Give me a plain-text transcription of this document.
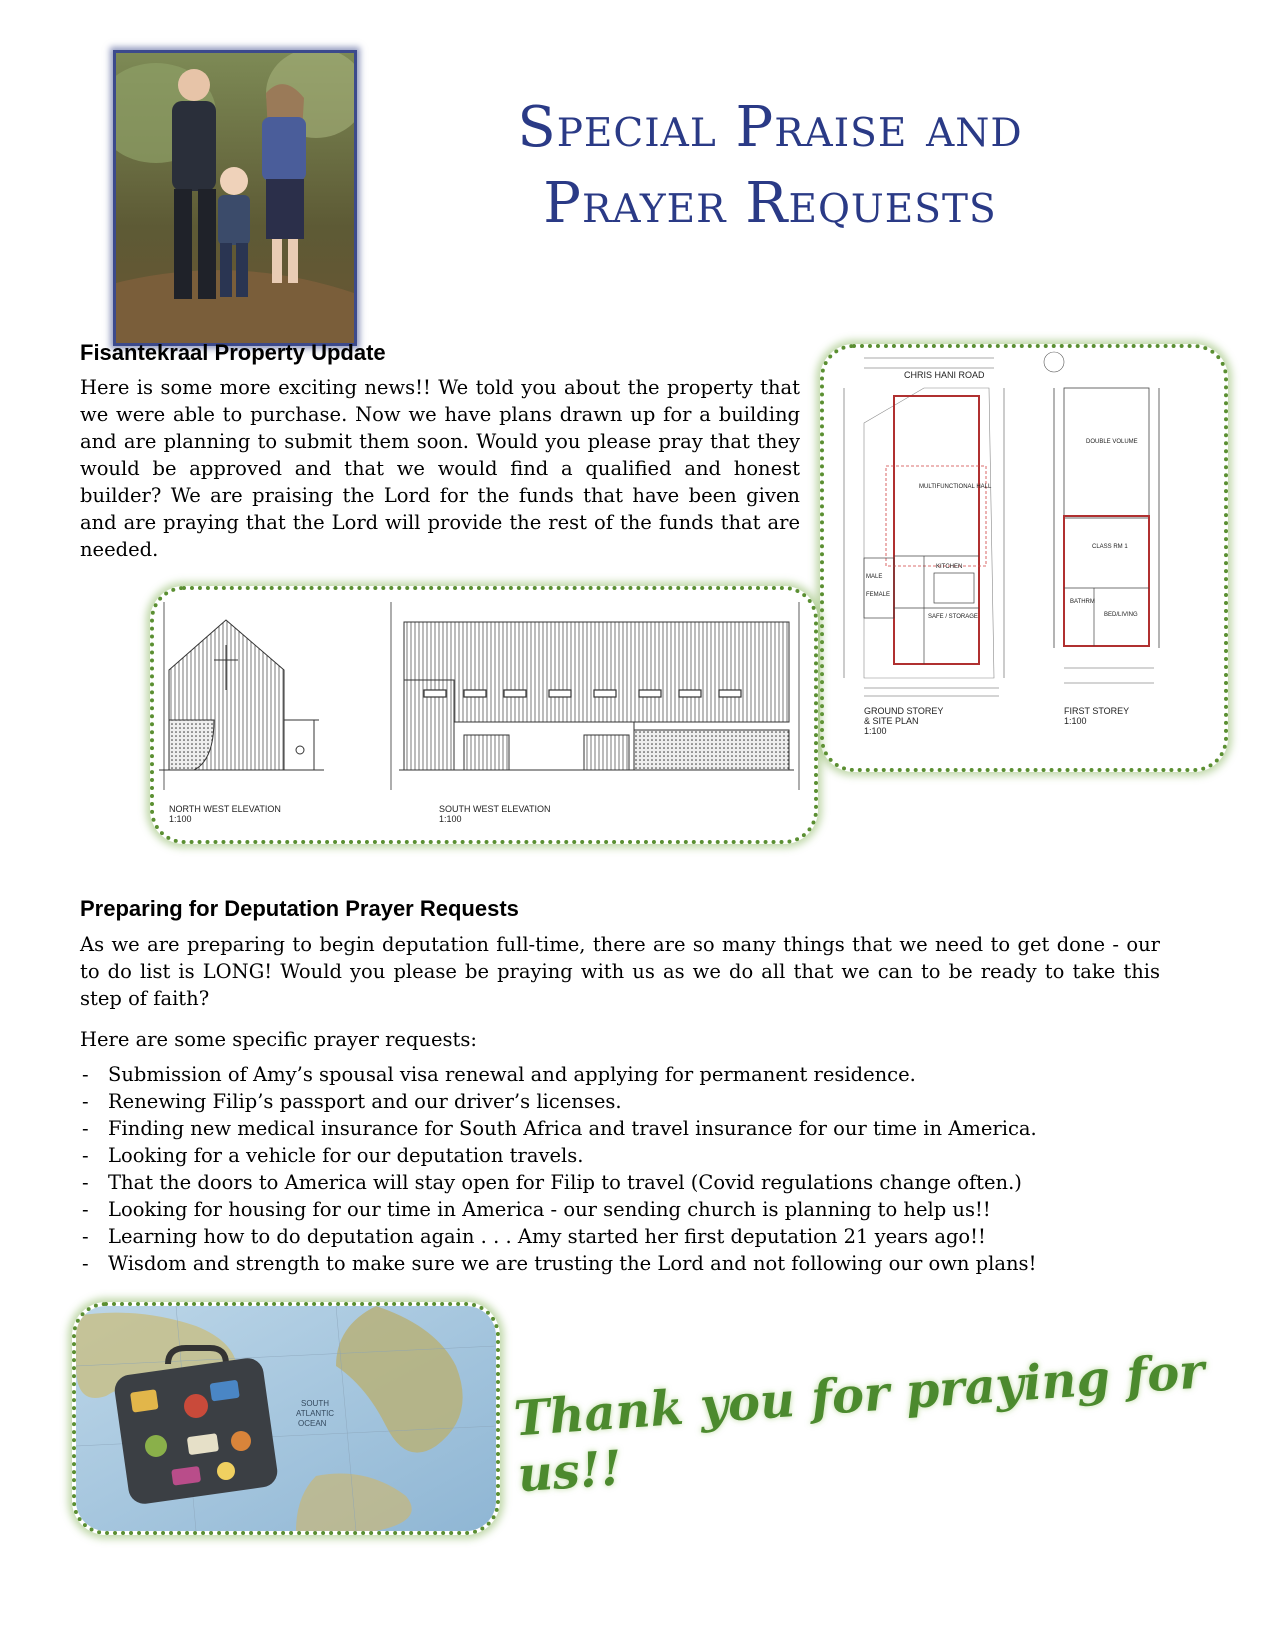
Special Praise and
Prayer Requests
Fisantekraal Property Update
Here is some more exciting news!! We told you about the property that we were able to purchase. Now we have plans drawn up for a building and are planning to submit them soon. Would you please pray that they would be approved and that we would find a qualified and honest builder? We are praising the Lord for the funds that have been given and are praying that the Lord will provide the rest of the funds that are needed.
CHRIS HANI ROAD
MULTIFUNCTIONAL HALL
KITCHEN
SAFE / STORAGE
FEMALE
MALE
DOUBLE VOLUME
CLASS RM 1
BATHRM
BED/LIVING
GROUND STOREY
& SITE PLAN
1:100
FIRST STOREY
1:100
NORTH WEST ELEVATION
1:100
SOUTH WEST ELEVATION
1:100
Preparing for Deputation Prayer Requests
As we are preparing to begin deputation full-time, there are so many things that we need to get done - our to do list is LONG! Would you please be praying with us as we do all that we can to be ready to take this step of faith?
Here are some specific prayer requests:
- Submission of Amy’s spousal visa renewal and applying for permanent residence.
- Renewing Filip’s passport and our driver’s licenses.
- Finding new medical insurance for South Africa and travel insurance for our time in America.
- Looking for a vehicle for our deputation travels.
- That the doors to America will stay open for Filip to travel (Covid regulations change often.)
- Looking for housing for our time in America - our sending church is planning to help us!!
- Learning how to do deputation again . . . Amy started her first deputation 21 years ago!!
- Wisdom and strength to make sure we are trusting the Lord and not following our own plans!
SOUTH
ATLANTIC
OCEAN	Thank you for praying for us!!
